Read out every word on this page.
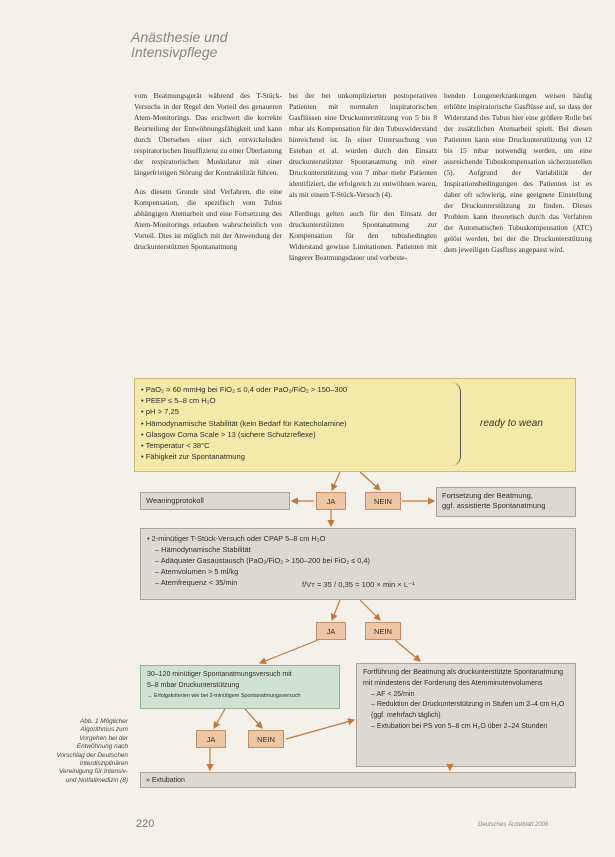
Anästhesie und
Intensivpflege

vom Beatmungsgerät während des T-Stück-Versuchs in der Regel den Vorteil des genaueren Atem-Monitorings. Das erschwert die korrekte Beurteilung der Entwöhnungsfähigkeit und kann durch Übersehen einer sich entwickelnden respiratorischen Insuffizienz zu einer Überlastung der respiratorischen Muskulatur mit einer längerfristigen Störung der Kontraktilität führen.

Aus diesem Grunde sind Verfahren, die eine Kompensation, die spezifisch vom Tubus abhängigen Atemarbeit und eine Fortsetzung des Atem-Monitorings erlauben wahrscheinlich von Vorteil. Dies ist möglich mit der Anwendung der druckunterstützten Spontanatmung

bei der bei unkomplizierten postoperativen Patienten mit normalen inspiratorischen Gasflüssen eine Druckunterstützung von 5 bis 8 mbar als Kompensation für den Tubuswiderstand hinreichend ist. In einer Untersuchung von Esteban et al. wurden durch den Einsatz druckunterstützter Spontanatmung mit einer Druckunterstützung von 7 mbar mehr Patienten identifiziert, die erfolgreich zu entwöhnen waren, als mit einem T-Stück-Versuch (4).

Allerdings gelten auch für den Einsatz der druckunterstützten Spontanatmung zur Kompensation für den tubusbedingten Widerstand gewisse Limitationen. Patienten mit längerer Beatmungsdauer und vorbeste-

henden Lungenerkrankungen weisen häufig erhöhte inspiratorische Gasflüsse auf, so dass der Widerstand des Tubus hier eine größere Rolle bei der zusätzlichen Atemarbeit spielt. Bei diesen Patienten kann eine Druckunterstützung von 12 bis 15 mbar notwendig werden, um eine ausreichende Tubuskompensation sicherzustellen (5). Aufgrund der Variabilität der Inspirationsbedingungen des Patienten ist es daher oft schwierig, eine geeignete Einstellung der Druckunterstützung zu finden. Dieses Problem kann theoretisch durch das Verfahren der Automatischen Tubuskompensation (ATC) gelöst werden, bei der die Druckunterstützung dem jeweiligen Gasfluss angepasst wird.

• PaO₂ > 60 mmHg bei FiO₂ ≤ 0,4 oder PaO₂/FiO₂ > 150–300
• PEEP ≤ 5–8 cm H₂O
• pH > 7,25
• Hämodynamische Stabilität (kein Bedarf für Katecholamine)
• Glasgow Coma Scale > 13 (sichere Schutzreflexe)
• Temperatur < 38°C
• Fähigkeit zur Spontanatmung
ready to wean
Weaningprotokoll	JA	NEIN
Fortsetzung der Beatmung,
ggf. assistierte Spontanatmung
• 2-minütiger T-Stück-Versuch oder CPAP 5–8 cm H₂O
– Hämodynamische Stabilität
– Adäquater Gasaustausch (PaO₂/FiO₂ > 150–200 bei FiO₂ ≤ 0,4)
– Atemvolumen > 5 ml/kg
– Atemfrequenz < 35/min	f/Vт = 35 / 0,35 = 100 × min × L⁻¹
JA	NEIN
30–120 minütiger Spontanatmungsversuch mit
5–8 mbar Druckunterstützung
→ Erfolgskriterien wie bei 2-minütigem Spontanatmungsversuch
Fortführung der Beatmung als druckunterstützte Spontanatmung mit mindestens der Forderung des Atemminutenvolumens
– AF < 25/min
– Reduktion der Druckunterstützung in Stufen um 2–4 cm H₂O (ggf. mehrfach täglich)
– Extubation bei PS von 5–8 cm H₂O über 2–24 Stunden
JA	NEIN
» Extubation
Abb. 1 Möglicher Algorithmus zum Vorgehen bei der Entwöhnung nach Vorschlag der Deutschen Interdisziplinären Vereinigung für Intensiv- und Notfallmedizin (8)
220	Deutsches Ärzteblatt 2006
